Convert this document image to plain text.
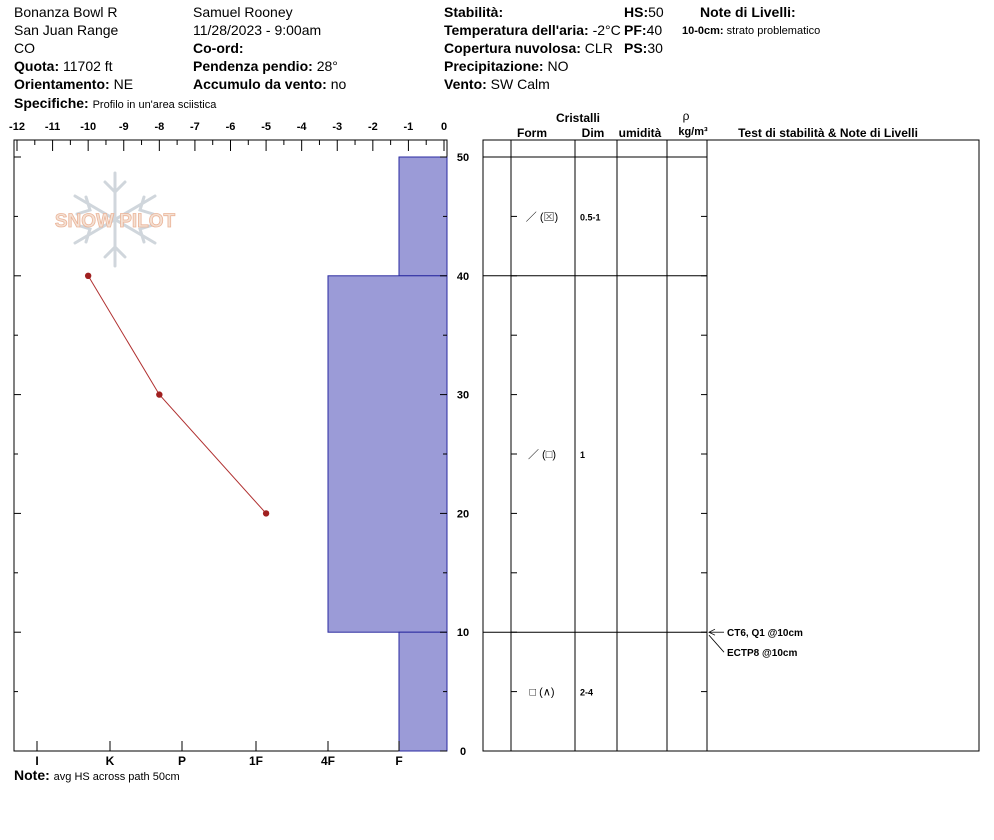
Bonanza Bowl R
San Juan Range
CO
Quota: 11702 ft
Orientamento: NE
Specifiche: Profilo in un'area sciistica
Samuel Rooney
11/28/2023 - 9:00am
Co-ord:
Pendenza pendio: 28°
Accumulo da vento: no
Stabilità:
Temperatura dell'aria: -2°C
Copertura nuvolosa: CLR
Precipitazione: NO
Vento: SW Calm
HS:50
PF:40
PS:30
Note di Livelli:
10-0cm: strato problematico
Note: avg HS across path 50cm
SNOW PILOT
-12 -11 -10 -9 -8 -7 -6 -5 -4 -3 -2 -1	0
I	K	P	1F	4F	F
0
10
20
30
40
50
Cristalli
Form	Dim umidità
ρ
kg/m³	Test di stabilità & Note di Livelli
／ (⊠) 0.5-1
／ (□)	1
□ (∧)	2-4
CT6, Q1 @10cm
ECTP8 @10cm
